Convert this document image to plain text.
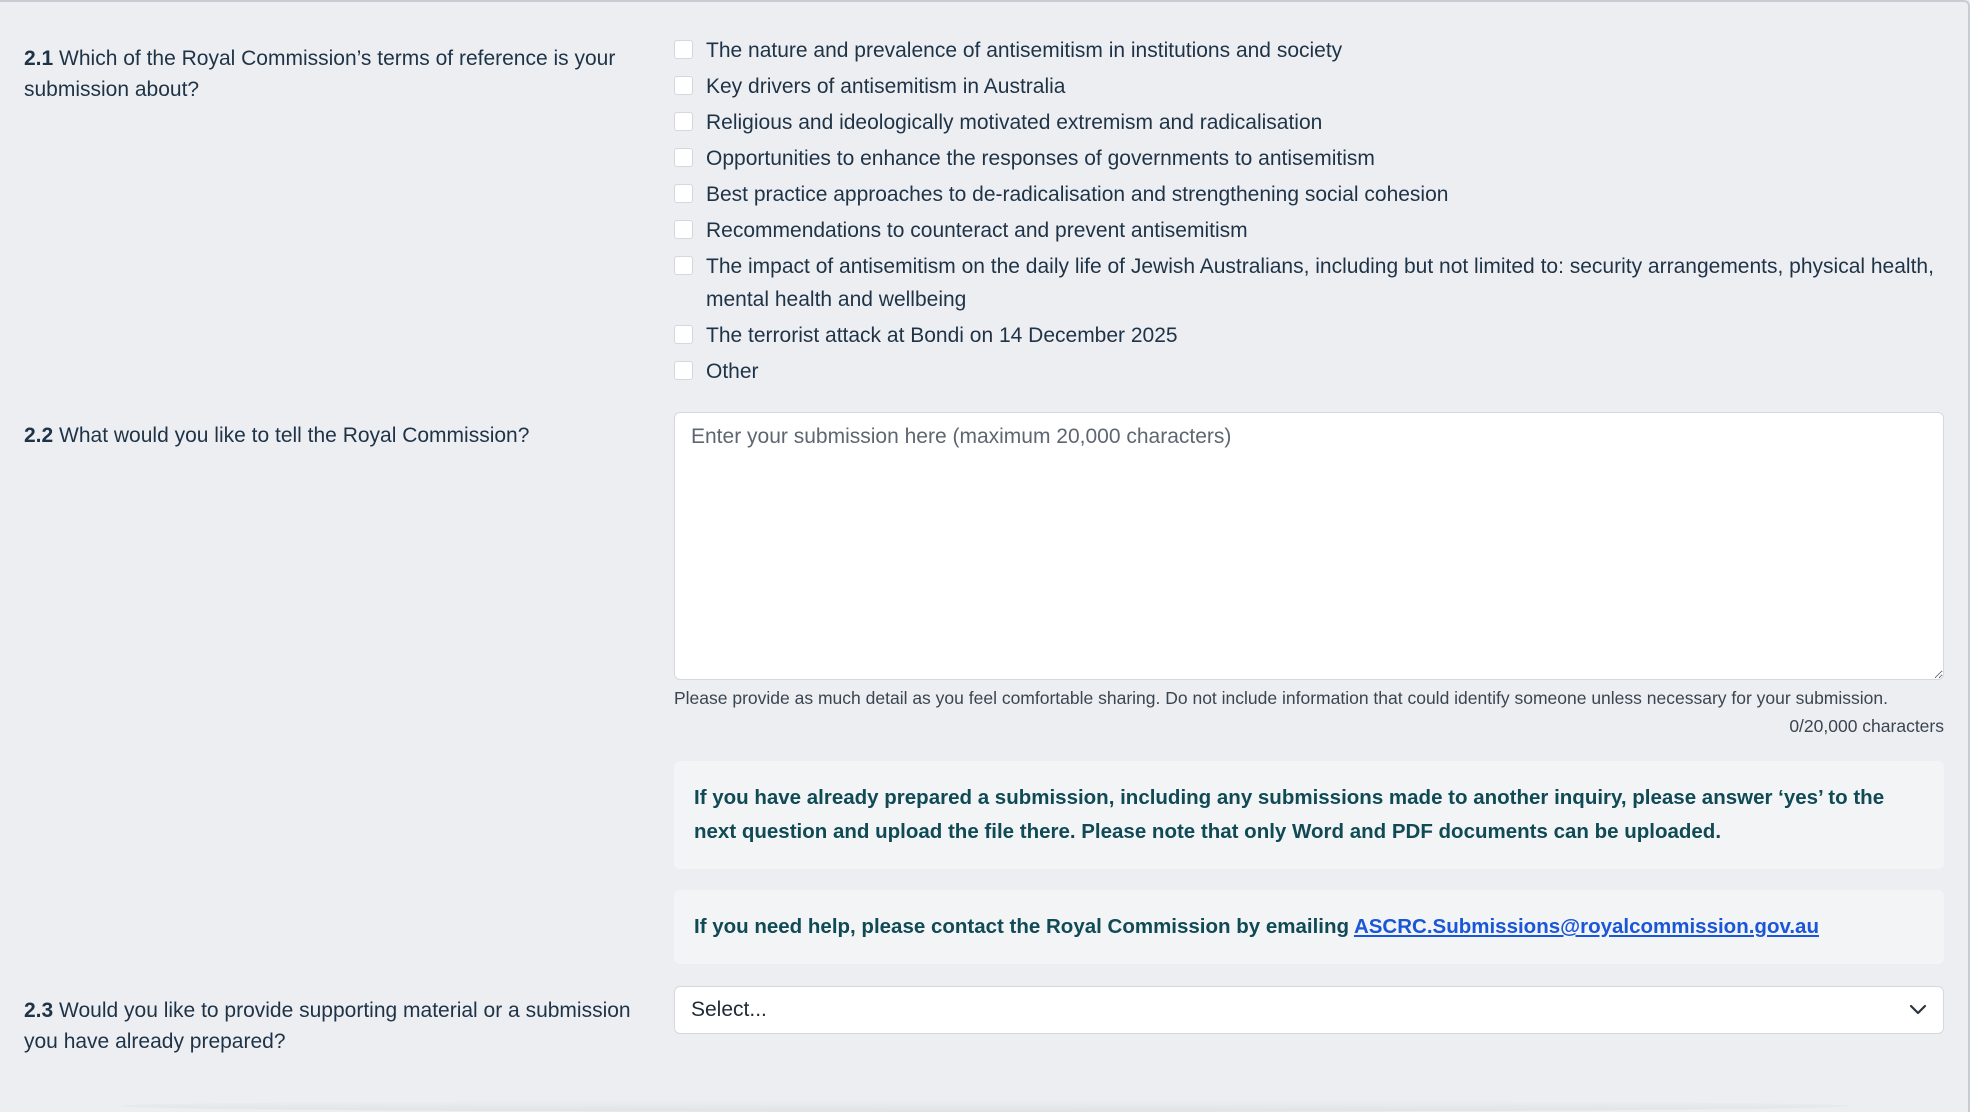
2.1 Which of the Royal Commission’s terms of reference is your submission about?
The nature and prevalence of antisemitism in institutions and society
Key drivers of antisemitism in Australia
Religious and ideologically motivated extremism and radicalisation
Opportunities to enhance the responses of governments to antisemitism
Best practice approaches to de-radicalisation and strengthening social cohesion
Recommendations to counteract and prevent antisemitism
The impact of antisemitism on the daily life of Jewish Australians, including but not limited to: security arrangements, physical health, mental health and wellbeing
The terrorist attack at Bondi on 14 December 2025
Other
2.2 What would you like to tell the Royal Commission?
Enter your submission here (maximum 20,000 characters)
Please provide as much detail as you feel comfortable sharing. Do not include information that could identify someone unless necessary for your submission.
0/20,000 characters
If you have already prepared a submission, including any submissions made to another inquiry, please answer ‘yes’ to the next question and upload the file there. Please note that only Word and PDF documents can be uploaded.
If you need help, please contact the Royal Commission by emailing ASCRC.Submissions@royalcommission.gov.au
2.3 Would you like to provide supporting material or a submission you have already prepared?
Select...
